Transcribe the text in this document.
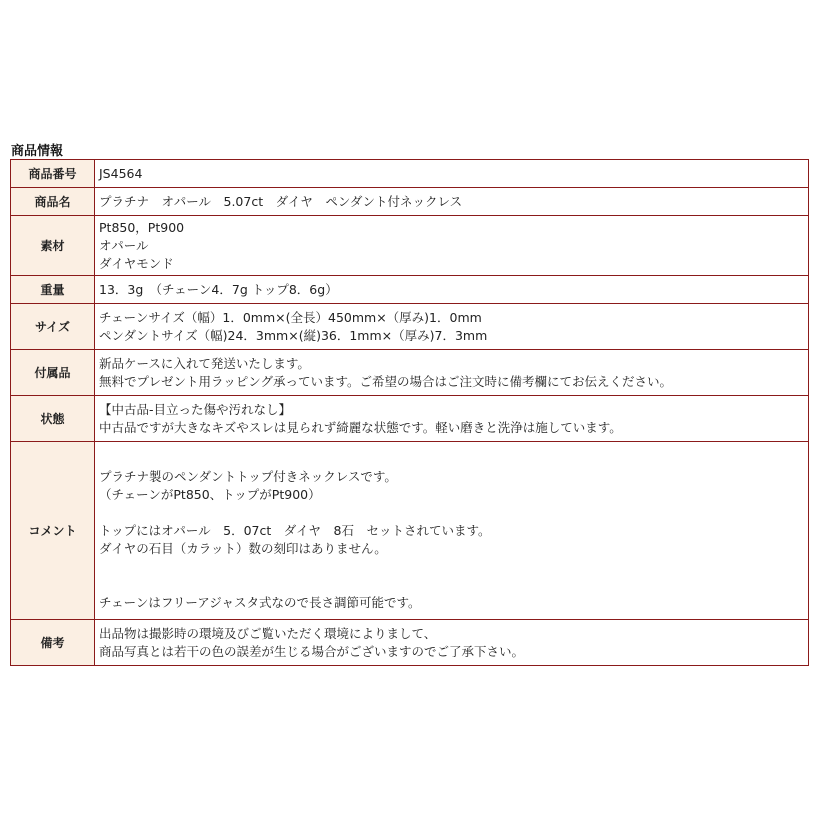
商品情報
商品番号	JS4564

商品名	プラチナ　オパール　5.07ct　ダイヤ　ペンダント付ネックレス

素材	Pt850，Pt900
オパール
ダイヤモンド

重量	13．3g　（チェーン4．7g トップ8．6g）

サイズ	チェーンサイズ（幅）1．0mm×(全長）450mm×（厚み)1．0mm
ペンダントサイズ（幅)24．3mm×(縦)36．1mm×（厚み)7．3mm

付属品	新品ケースに入れて発送いたします。
無料でプレゼント用ラッピング承っています。ご希望の場合はご注文時に備考欄にてお伝えください。

状態	【中古品-目立った傷や汚れなし】
中古品ですが大きなキズやスレは見られず綺麗な状態です。軽い磨きと洗浄は施しています。

コメント	プラチナ製のペンダントトップ付きネックレスです。
（チェーンがPt850、トップがPt900）
トップにはオパール　5．07ct　ダイヤ　8石　セットされています。
ダイヤの石目（カラット）数の刻印はありません。
チェーンはフリーアジャスタ式なので長さ調節可能です。

備考	出品物は撮影時の環境及びご覧いただく環境によりまして、
商品写真とは若干の色の誤差が生じる場合がございますのでご了承下さい。
